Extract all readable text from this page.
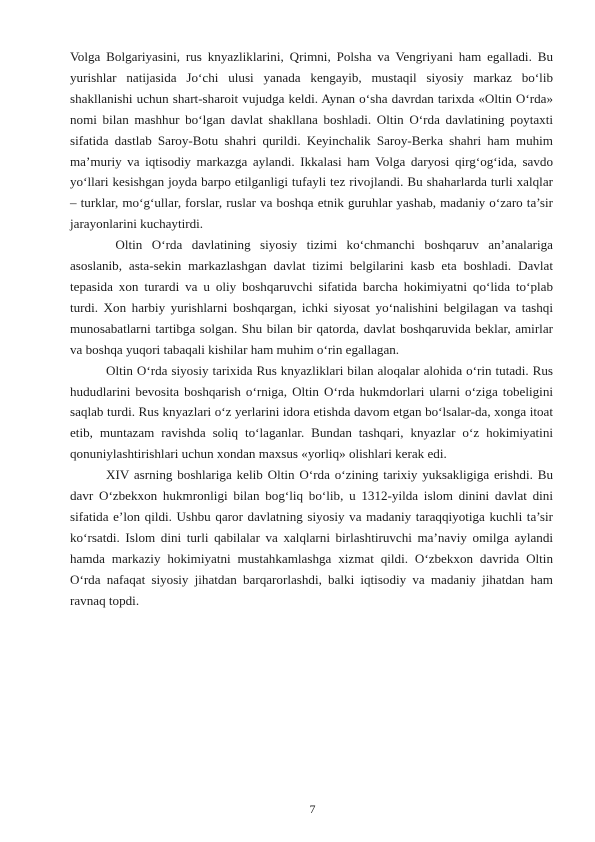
Volga Bolgariyasini, rus knyazliklarini, Qrimni, Polsha va Vengriyani ham egalladi. Bu yurishlar natijasida Jo‘chi ulusi yanada kengayib, mustaqil siyosiy markaz bo‘lib shakllanishi uchun shart-sharoit vujudga keldi. Aynan o‘sha davrdan tarixda «Oltin O‘rda» nomi bilan mashhur bo‘lgan davlat shakllana boshladi. Oltin O‘rda davlatining poytaxti sifatida dastlab Saroy-Botu shahri qurildi. Keyinchalik Saroy-Berka shahri ham muhim ma’muriy va iqtisodiy markazga aylandi. Ikkalasi ham Volga daryosi qirg‘og‘ida, savdo yo‘llari kesishgan joyda barpo etilganligi tufayli tez rivojlandi. Bu shaharlarda turli xalqlar – turklar, mo‘g‘ullar, forslar, ruslar va boshqa etnik guruhlar yashab, madaniy o‘zaro ta’sir jarayonlarini kuchaytirdi.

Oltin O‘rda davlatining siyosiy tizimi ko‘chmanchi boshqaruv an’analariga asoslanib, asta-sekin markazlashgan davlat tizimi belgilarini kasb eta boshladi. Davlat tepasida xon turardi va u oliy boshqaruvchi sifatida barcha hokimiyatni qo‘lida to‘plab turdi. Xon harbiy yurishlarni boshqargan, ichki siyosat yo‘nalishini belgilagan va tashqi          munosabatlarni tartibga solgan. Shu bilan bir qatorda, davlat boshqaruvida beklar, amirlar va boshqa yuqori tabaqali kishilar ham muhim o‘rin egallagan.

Oltin O‘rda siyosiy tarixida Rus knyazliklari bilan aloqalar alohida o‘rin tutadi. Rus hududlarini bevosita boshqarish o‘rniga, Oltin O‘rda hukmdorlari ularni o‘ziga tobeligini saqlab turdi. Rus knyazlari o‘z yerlarini idora etishda davom etgan bo‘lsalar-da, xonga itoat etib, muntazam ravishda soliq to‘laganlar. Bundan tashqari, knyazlar o‘z hokimiyatini qonuniylashtirishlari uchun xondan maxsus «yorliq» olishlari kerak edi.

XIV asrning boshlariga kelib Oltin O‘rda o‘zining tarixiy yuksakligiga erishdi. Bu davr O‘zbekxon hukmronligi bilan bog‘liq bo‘lib, u 1312-yilda islom dinini davlat dini sifatida e’lon qildi. Ushbu qaror davlatning siyosiy va madaniy taraqqiyotiga kuchli ta’sir ko‘rsatdi. Islom dini turli qabilalar va xalqlarni birlashtiruvchi ma’naviy omilga aylandi hamda markaziy hokimiyatni mustahkamlashga xizmat qildi. O‘zbekxon davrida Oltin O‘rda nafaqat siyosiy jihatdan barqarorlashdi, balki iqtisodiy va madaniy jihatdan ham ravnaq topdi.

7
